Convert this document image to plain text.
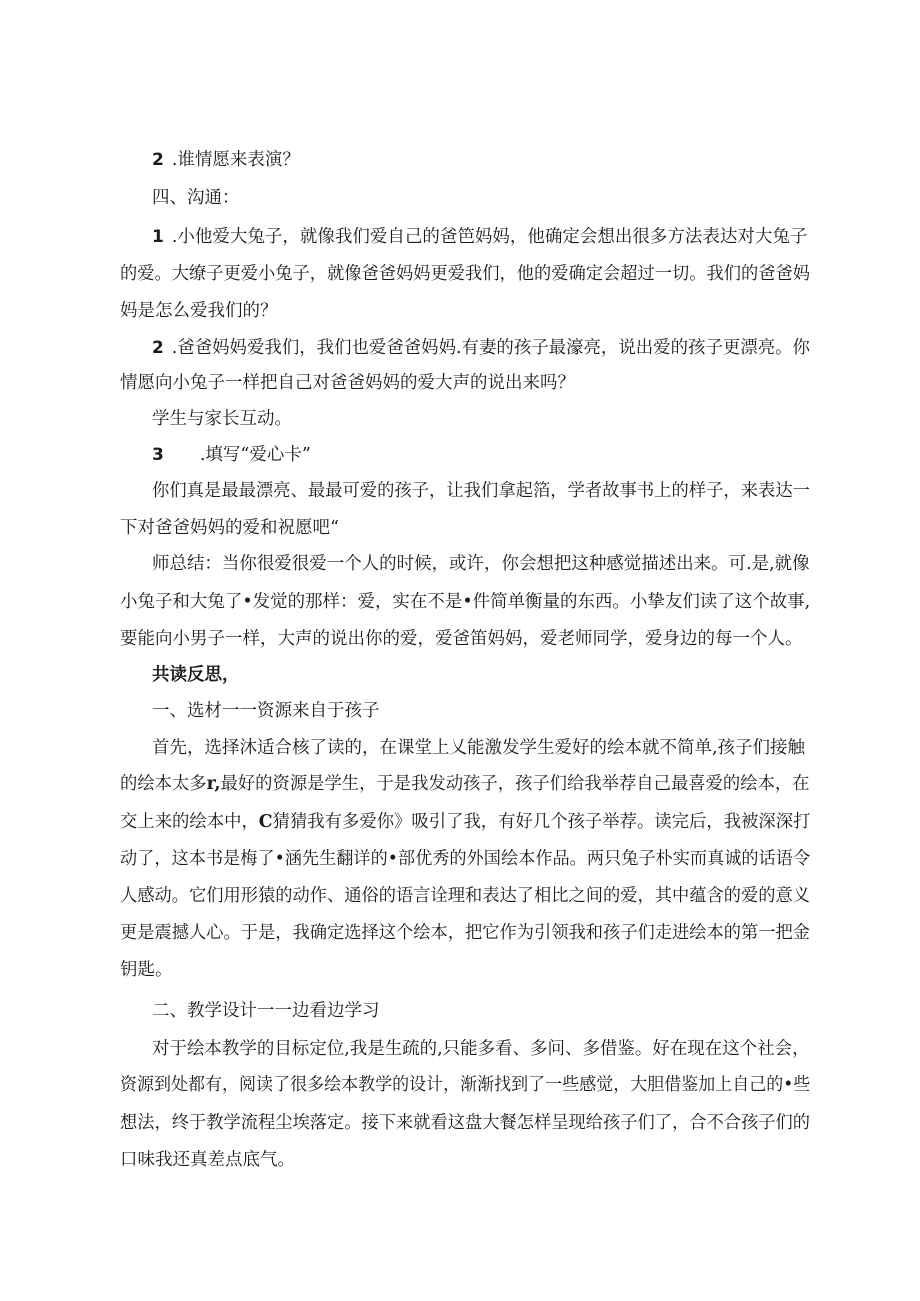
2 .谁情愿来表演？
四、沟通：
1 .小他爱大兔子，就像我们爱自己的爸笆妈妈，他确定会想出很多方法表达对大兔子
的爱。大缭子更爱小兔子，就像爸爸妈妈更爱我们，他的爱确定会超过一切。我们的爸爸妈
妈是怎么爱我们的？
2 .爸爸妈妈爱我们，我们也爱爸爸妈妈.有妻的孩子最濠亮，说出爱的孩子更漂亮。你
情愿向小兔子一样把自己对爸爸妈妈的爱大声的说出来吗？
学生与家长互动。
3 .填写“爱心卡”
你们真是最最漂亮、最最可爱的孩子，让我们拿起箔，学者故事书上的样子，来表达一
下对爸爸妈妈的爱和祝愿吧“
师总结：当你很爱很爱一个人的时候，或许，你会想把这种感觉描述出来。可.是,就像
小兔子和大兔了•发觉的那样：爱，实在不是•件简单衡量的东西。小挚友们读了这个故事,
要能向小男子一样，大声的说出你的爱，爱爸笛妈妈，爱老师同学，爱身边的每一个人。
共读反思，
一、选材一一资源来自于孩子
首先，选择沐适合核了读的，在课堂上乂能激发学生爱好的绘本就不简单,孩子们接触
的绘本太多r,最好的资源是学生，于是我发动孩子，孩子们给我举荐自己最喜爱的绘本，在
交上来的绘本中，C猜猜我有多爱你》吸引了我，有好几个孩子举荐。读完后，我被深深打
动了，这本书是梅了•涵先生翻详的•部优秀的外国绘本作品。两只兔子朴实而真诚的话语令
人感动。它们用形猿的动作、通俗的语言诠理和表达了相比之间的爱，其中蕴含的爱的意义
更是震撼人心。于是，我确定选择这个绘本，把它作为引领我和孩子们走进绘本的第一把金
钥匙。
二、教学设计一一边看边学习
对于绘本教学的目标定位,我是生疏的,只能多看、多问、多借鉴。好在现在这个社会，
资源到处都有，阅读了很多绘本教学的设计，渐渐找到了一些感觉，大胆借鉴加上自己的•些
想法，终于教学流程尘埃落定。接下来就看这盘大餐怎样呈现给孩子们了，合不合孩子们的
口味我还真差点底气。
